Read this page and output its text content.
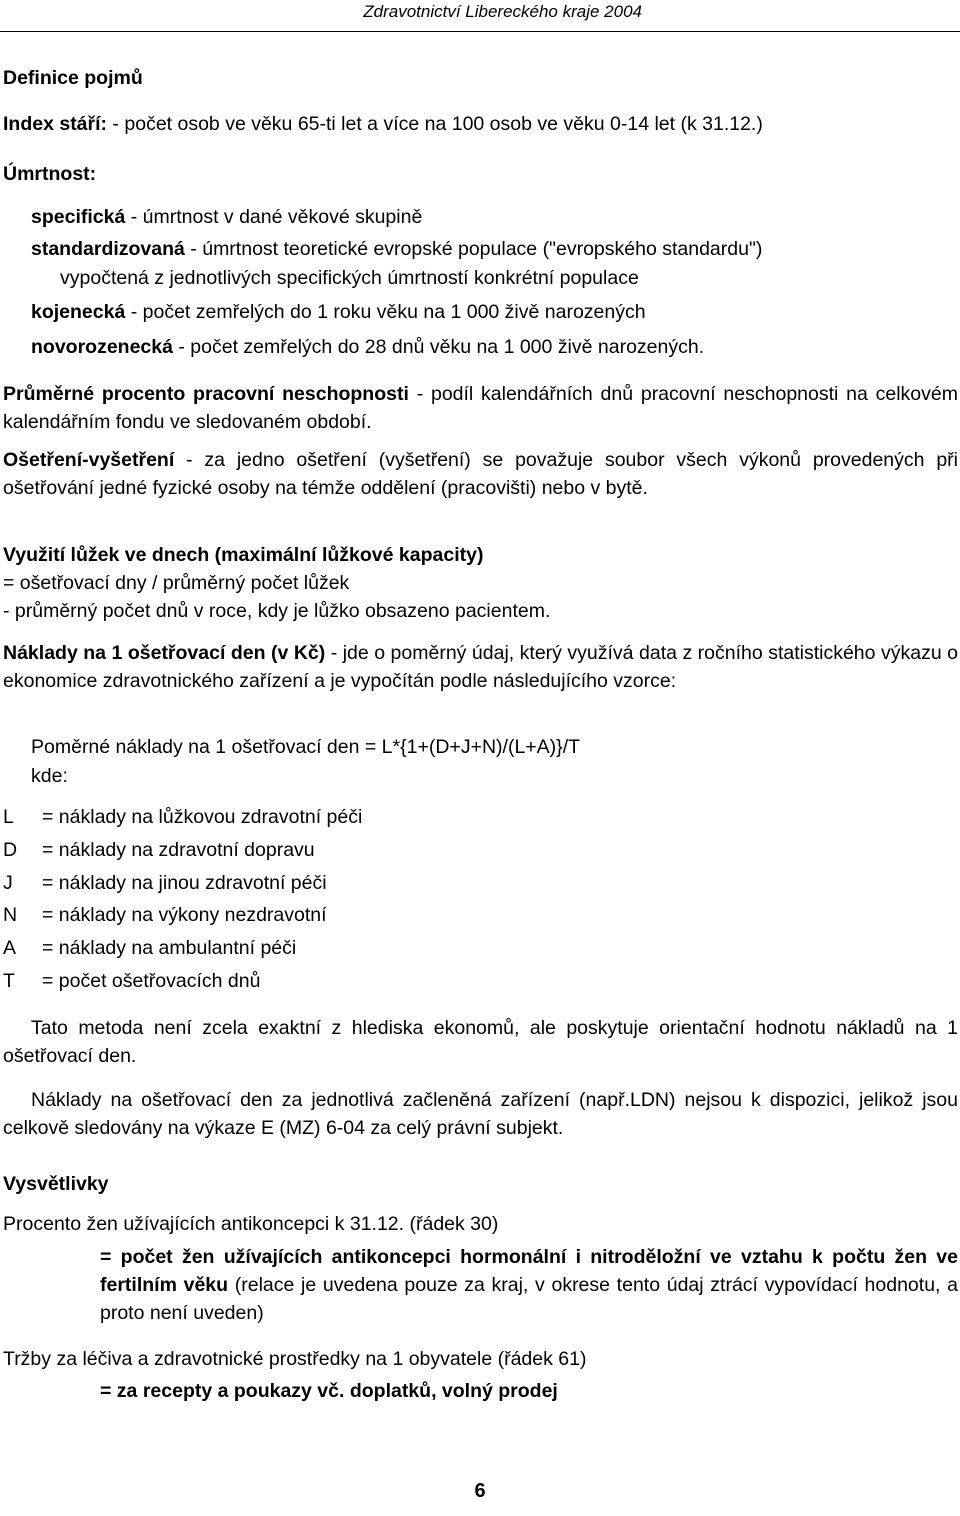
Zdravotnictví Libereckého kraje 2004
Definice pojmů
Index stáří: - počet osob ve věku 65-ti let a více na 100 osob ve věku 0-14 let (k 31.12.)
Úmrtnost:
specifická - úmrtnost v dané věkové skupině
standardizovaná - úmrtnost teoretické evropské populace ("evropského standardu")
vypočtená z jednotlivých specifických úmrtností konkrétní populace
kojenecká - počet zemřelých do 1 roku věku na 1 000 živě narozených
novorozenecká - počet zemřelých do 28 dnů věku na 1 000 živě narozených.
Průměrné procento pracovní neschopnosti - podíl kalendářních dnů pracovní neschopnosti na celkovém kalendářním fondu ve sledovaném období.
Ošetření-vyšetření - za jedno ošetření (vyšetření) se považuje soubor všech výkonů provedených při ošetřování jedné fyzické osoby na témže oddělení (pracovišti) nebo v bytě.
Využití lůžek ve dnech (maximální lůžkové kapacity)
= ošetřovací dny / průměrný počet lůžek
- průměrný počet dnů v roce, kdy je lůžko obsazeno pacientem.
Náklady na 1 ošetřovací den (v Kč) - jde o poměrný údaj, který využívá data z ročního statistického výkazu o ekonomice zdravotnického zařízení a je vypočítán podle následujícího vzorce:
Poměrné náklady na 1 ošetřovací den = L*{1+(D+J+N)/(L+A)}/T
kde:
L = náklady na lůžkovou zdravotní péči
D = náklady na zdravotní dopravu
J = náklady na jinou zdravotní péči
N = náklady na výkony nezdravotní
A = náklady na ambulantní péči
T = počet ošetřovacích dnů
Tato metoda není zcela exaktní z hlediska ekonomů, ale poskytuje orientační hodnotu nákladů na 1 ošetřovací den.
Náklady na ošetřovací den za jednotlivá začleněná zařízení (např.LDN) nejsou k dispozici, jelikož jsou celkově sledovány na výkaze E (MZ) 6-04 za celý právní subjekt.
Vysvětlivky
Procento žen užívajících antikoncepci k 31.12. (řádek 30)
= počet žen užívajících antikoncepci hormonální i nitroděložní ve vztahu k počtu žen ve fertilním věku (relace je uvedena pouze za kraj, v okrese tento údaj ztrácí vypovídací hodnotu, a proto není uveden)
Tržby za léčiva a zdravotnické prostředky na 1 obyvatele (řádek 61)
= za recepty a poukazy vč. doplatků, volný prodej
6
